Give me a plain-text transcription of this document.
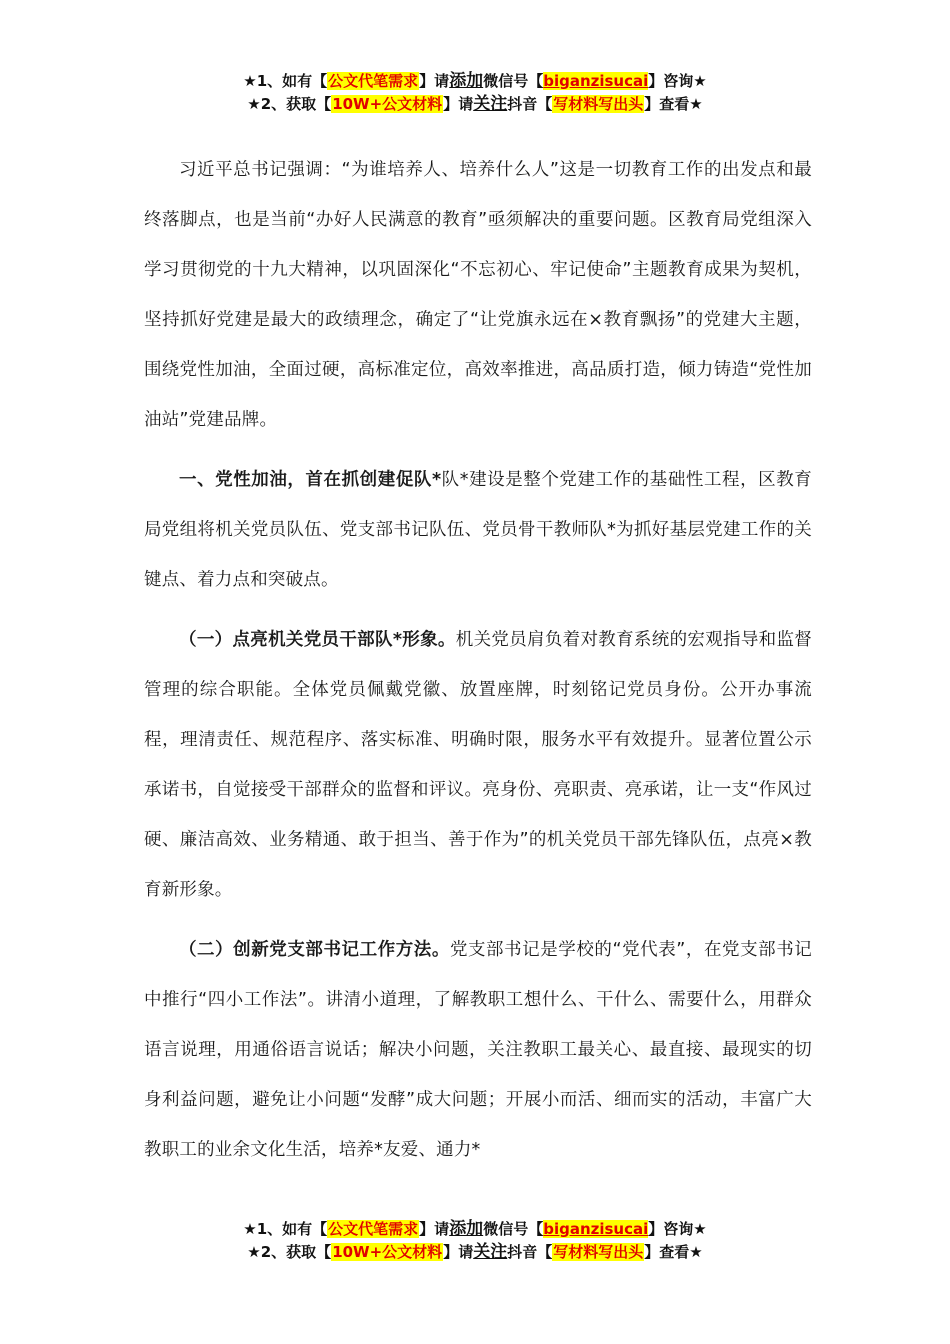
★1、如有【公文代笔需求】请添加微信号【biganzisucai】咨询★
★2、获取【10W+公文材料】请关注抖音【写材料写出头】查看★

习近平总书记强调：“为谁培养人、培养什么人”这是一切教育工作的出发点和最终落脚点，也是当前“办好人民满意的教育”亟须解决的重要问题。区教育局党组深入学习贯彻党的十九大精神，以巩固深化“不忘初心、牢记使命”主题教育成果为契机，坚持抓好党建是最大的政绩理念，确定了“让党旗永远在×教育飘扬”的党建大主题，围绕党性加油，全面过硬，高标准定位，高效率推进，高品质打造，倾力铸造“党性加油站”党建品牌。

一、党性加油，首在抓创建促队*队*建设是整个党建工作的基础性工程，区教育局党组将机关党员队伍、党支部书记队伍、党员骨干教师队*为抓好基层党建工作的关键点、着力点和突破点。

（一）点亮机关党员干部队*形象。机关党员肩负着对教育系统的宏观指导和监督管理的综合职能。全体党员佩戴党徽、放置座牌，时刻铭记党员身份。公开办事流程，理清责任、规范程序、落实标准、明确时限，服务水平有效提升。显著位置公示承诺书，自觉接受干部群众的监督和评议。亮身份、亮职责、亮承诺，让一支“作风过硬、廉洁高效、业务精通、敢于担当、善于作为”的机关党员干部先锋队伍，点亮×教育新形象。

（二）创新党支部书记工作方法。党支部书记是学校的“党代表”，在党支部书记中推行“四小工作法”。讲清小道理，了解教职工想什么、干什么、需要什么，用群众语言说理，用通俗语言说话；解决小问题，关注教职工最关心、最直接、最现实的切身利益问题，避免让小问题“发酵”成大问题；开展小而活、细而实的活动，丰富广大教职工的业余文化生活，培养*友爱、通力*

★1、如有【公文代笔需求】请添加微信号【biganzisucai】咨询★
★2、获取【10W+公文材料】请关注抖音【写材料写出头】查看★
